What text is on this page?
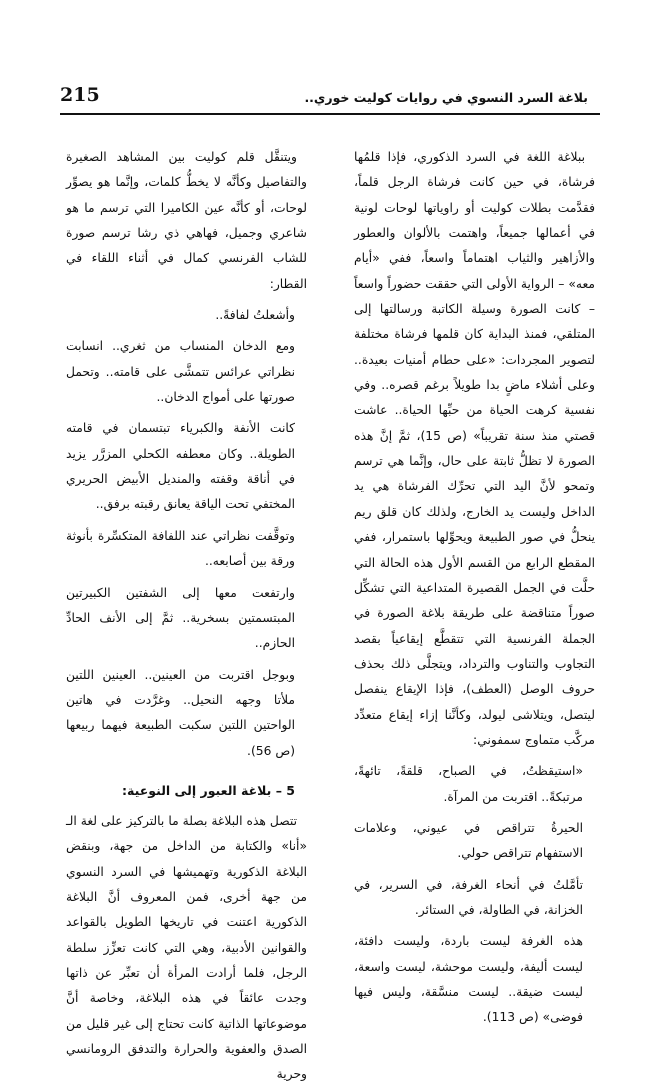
بلاغة السرد النسوي في روايات كوليت خوري..
215

ببلاغة اللغة في السرد الذكوري، فإذا قلمُها فرشاة، في حين كانت فرشاة الرجل قلماً، فقدَّمت بطلات كوليت أو راوياتها لوحات لونية في أعمالها جميعاً، واهتمت بالألوان والعطور والأزاهير والثياب اهتماماً واسعاً، ففي «أيام معه» – الرواية الأولى التي حققت حضوراً واسعاً – كانت الصورة وسيلة الكاتبة ورسالتها إلى المتلقي، فمنذ البداية كان قلمها فرشاة مختلفة لتصوير المجردات: «على حطام أمنيات بعيدة.. وعلى أشلاء ماضٍ بدا طويلاً برغم قصره.. وفي نفسية كرهت الحياة من حبِّها الحياة.. عاشت قصتي منذ سنة تقريباً» (ص 15)، ثمَّ إنَّ هذه الصورة لا تظلُّ ثابتة على حال، وإنَّما هي ترسم وتمحو لأنَّ اليد التي تحرِّك الفرشاة هي يد الداخل وليست يد الخارج، ولذلك كان قلق ريم ينحلُّ في صور الطبيعة ويحوِّلها باستمرار، ففي المقطع الرابع من القسم الأول هذه الحالة التي حلَّت في الجمل القصيرة المتداعية التي تشكِّل صوراً متناقضة على طريقة بلاغة الصورة في الجملة الفرنسية التي تتقطَّع إيقاعياً بقصد التجاوب والتناوب والترداد، ويتجلَّى ذلك بحذف حروف الوصل (العطف)، فإذا الإيقاع ينفصل ليتصل، ويتلاشى ليولد، وكأنَّنا إزاء إيقاع متعدِّد مركَّب متماوج سمفوني:

«استيقظتُ، في الصباح، قلقةً، تائهةً، مرتبكةً.. اقتربت من المرآة.

الحيرةُ تتراقص في عيوني، وعلامات الاستفهام تتراقص حولي.

تأمَّلتُ في أنحاء الغرفة، في السرير، في الخزانة، في الطاولة، في الستائر.

هذه الغرفة ليست باردة، وليست دافئة، ليست أليفة، وليست موحشة، ليست واسعة، ليست ضيقة.. ليست منسَّقة، وليس فيها فوضى» (ص 113).

ويتنقَّل قلم كوليت بين المشاهد الصغيرة والتفاصيل وكأنَّه لا يخطُّ كلمات، وإنَّما هو يصوِّر لوحات، أو كأنَّه عين الكاميرا التي ترسم ما هو شاعري وجميل، فهاهي ذي رشا ترسم صورة للشاب الفرنسي كمال في أثناء اللقاء في القطار:

وأشعلتُ لفافةً..

ومع الدخان المنساب من ثغري.. انسابت نظراتي عرائس تتمشَّى على قامته.. وتحمل صورتها على أمواج الدخان..

كانت الأنفة والكبرياء تبتسمان في قامته الطويلة.. وكان معطفه الكحلي المزرَّر يزيد في أناقة وقفته والمنديل الأبيض الحريري المختفي تحت الياقة يعانق رقبته برفق..

وتوقَّفت نظراتي عند اللفافة المتكسِّرة بأنوثة ورقة بين أصابعه..

وارتفعت معها إلى الشفتين الكبيرتين المبتسمتين بسخرية.. ثمَّ إلى الأنف الحادِّ الحازم..

وبوجل اقتربت من العينين.. العينين اللتين ملأتا وجهه النحيل.. وغرَّدت في هاتين الواحتين اللتين سكبت الطبيعة فيهما ربيعها (ص 56).

5 – بلاغة العبور إلى النوعية:

تتصل هذه البلاغة بصلة ما بالتركيز على لغة الـ «أنا» والكتابة من الداخل من جهة، وبنقض البلاغة الذكورية وتهميشها في السرد النسوي من جهة أخرى، فمن المعروف أنَّ البلاغة الذكورية اعتنت في تاريخها الطويل بالقواعد والقوانين الأدبية، وهي التي كانت تعزِّز سلطة الرجل، فلما أرادت المرأة أن تعبِّر عن ذاتها وجدت عائقاً في هذه البلاغة، وخاصة أنَّ موضوعاتها الذاتية كانت تحتاج إلى غير قليل من الصدق والعفوية والحرارة والتدفق الرومانسي وحرية
